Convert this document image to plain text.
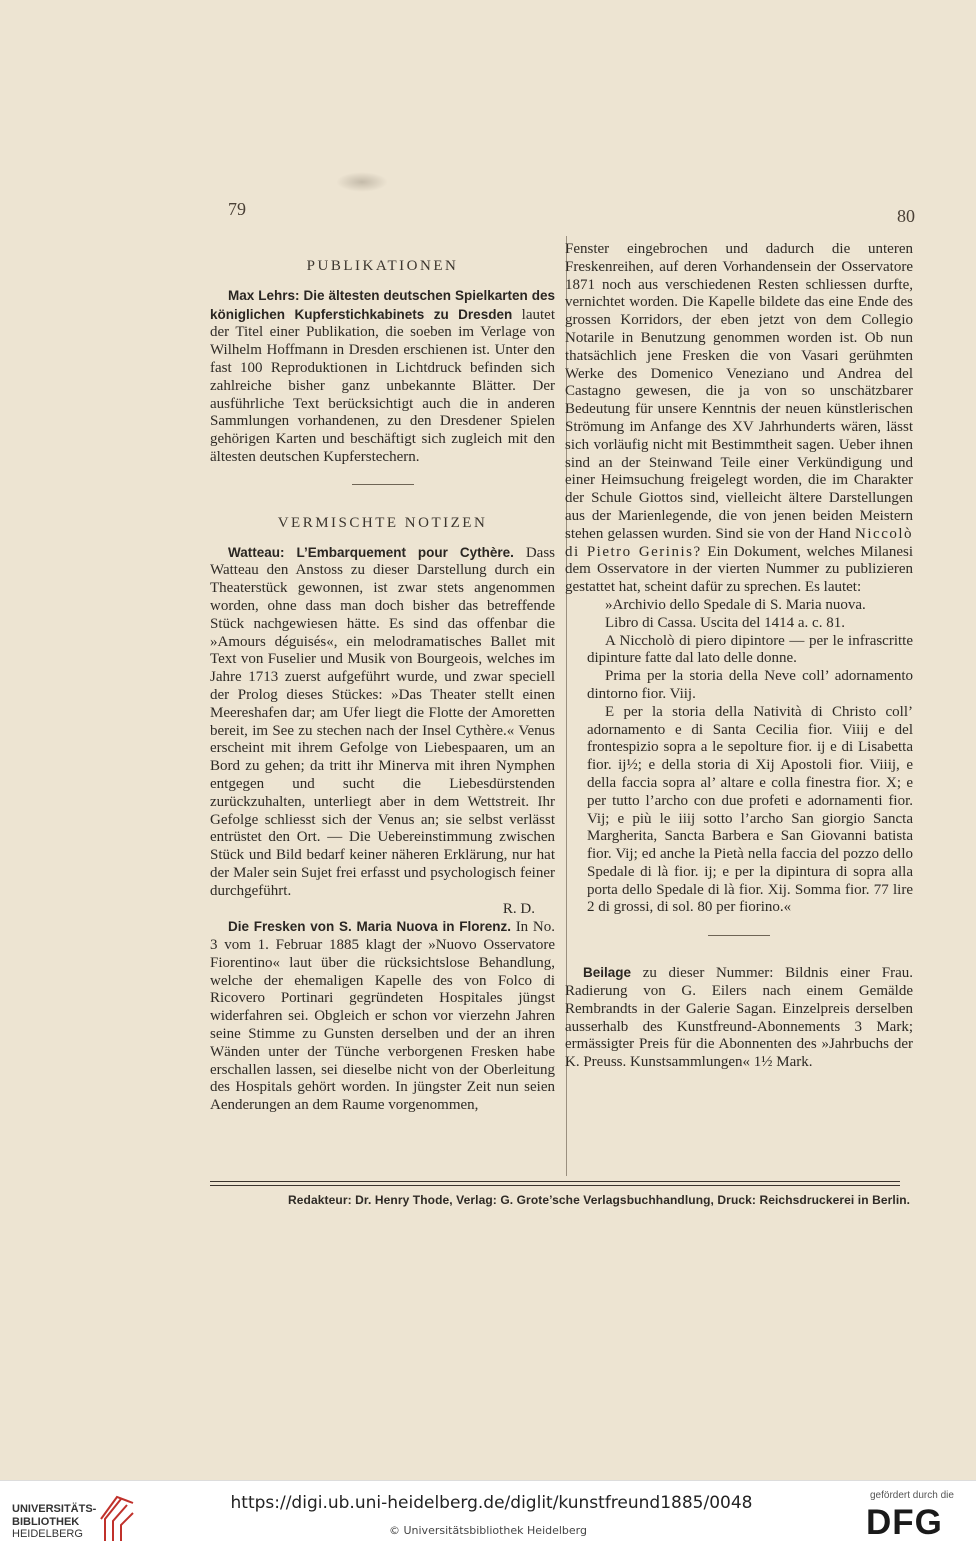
79	80
PUBLIKATIONEN

Max Lehrs: Die ältesten deutschen Spielkarten des königlichen Kupferstichkabinets zu Dresden lautet der Titel einer Publikation, die soeben im Verlage von Wilhelm Hoffmann in Dresden erschienen ist. Unter den fast 100 Reproduktionen in Lichtdruck befinden sich zahlreiche bisher ganz unbekannte Blätter. Der ausführliche Text berücksichtigt auch die in anderen Sammlungen vorhandenen, zu den Dresdener Spielen gehörigen Karten und beschäftigt sich zugleich mit den ältesten deutschen Kupferstechern.

VERMISCHTE NOTIZEN

Watteau: L’Embarquement pour Cythère. Dass Watteau den Anstoss zu dieser Darstellung durch ein Theaterstück gewonnen, ist zwar stets angenommen worden, ohne dass man doch bisher das betreffende Stück nachgewiesen hätte. Es sind das offenbar die »Amours déguisés«, ein melodramatisches Ballet mit Text von Fuselier und Musik von Bourgeois, welches im Jahre 1713 zuerst aufgeführt wurde, und zwar speciell der Prolog dieses Stückes: »Das Theater stellt einen Meereshafen dar; am Ufer liegt die Flotte der Amoretten bereit, im See zu stechen nach der Insel Cythère.« Venus erscheint mit ihrem Gefolge von Liebespaaren, um an Bord zu gehen; da tritt ihr Minerva mit ihren Nymphen entgegen und sucht die Liebesdürstenden zurückzuhalten, unterliegt aber in dem Wettstreit. Ihr Gefolge schliesst sich der Venus an; sie selbst verlässt entrüstet den Ort. — Die Uebereinstimmung zwischen Stück und Bild bedarf keiner näheren Erklärung, nur hat der Maler sein Sujet frei erfasst und psychologisch feiner durchgeführt.

R. D.

Die Fresken von S. Maria Nuova in Florenz. In No. 3 vom 1. Februar 1885 klagt der »Nuovo Osservatore Fiorentino« laut über die rücksichtslose Behandlung, welche der ehemaligen Kapelle des von Folco di Ricovero Portinari gegründeten Hospitales jüngst widerfahren sei. Obgleich er schon vor vierzehn Jahren seine Stimme zu Gunsten derselben und der an ihren Wänden unter der Tünche verborgenen Fresken habe erschallen lassen, sei dieselbe nicht von der Oberleitung des Hospitals gehört worden. In jüngster Zeit nun seien Aenderungen an dem Raume vorgenommen,

Fenster eingebrochen und dadurch die unteren Freskenreihen, auf deren Vorhandensein der Osservatore 1871 noch aus verschiedenen Resten schliessen durfte, vernichtet worden. Die Kapelle bildete das eine Ende des grossen Korridors, der eben jetzt von dem Collegio Notarile in Benutzung genommen worden ist. Ob nun thatsächlich jene Fresken die von Vasari gerühmten Werke des Domenico Veneziano und Andrea del Castagno gewesen, die ja von so unschätzbarer Bedeutung für unsere Kenntnis der neuen künstlerischen Strömung im Anfange des XV Jahrhunderts wären, lässt sich vorläufig nicht mit Bestimmtheit sagen. Ueber ihnen sind an der Steinwand Teile einer Verkündigung und einer Heimsuchung freigelegt worden, die im Charakter der Schule Giottos sind, vielleicht ältere Darstellungen aus der Marienlegende, die von jenen beiden Meistern stehen gelassen wurden. Sind sie von der Hand Niccolò di Pietro Gerinis? Ein Dokument, welches Milanesi dem Osservatore in der vierten Nummer zu publizieren gestattet hat, scheint dafür zu sprechen. Es lautet:

»Archivio dello Spedale di S. Maria nuova.

Libro di Cassa. Uscita del 1414 a. c. 81.

A Niccholò di piero dipintore — per le infrascritte dipinture fatte dal lato delle donne.

Prima per la storia della Neve coll’ adornamento dintorno fior. Viij.

E per la storia della Natività di Christo coll’ adornamento e di Santa Cecilia fior. Viiij e del frontespizio sopra a le sepolture fior. ij e di Lisabetta fior. ij½; e della storia di Xij Apostoli fior. Viiij, e della faccia sopra al’ altare e colla finestra fior. X; e per tutto l’archo con due profeti e adornamenti fior. Vij; e più le iiij sotto l’archo San giorgio Sancta Margherita, Sancta Barbera e San Giovanni batista fior. Vij; ed anche la Pietà nella faccia del pozzo dello Spedale di là fior. ij; e per la dipintura di sopra alla porta dello Spedale di là fior. Xij. Somma fior. 77 lire 2 di grossi, di sol. 80 per fiorino.«

Beilage zu dieser Nummer: Bildnis einer Frau. Radierung von G. Eilers nach einem Gemälde Rembrandts in der Galerie Sagan. Einzelpreis derselben ausserhalb des Kunstfreund-Abonnements 3 Mark; ermässigter Preis für die Abonnenten des »Jahrbuchs der K. Preuss. Kunstsammlungen« 1½ Mark.

Redakteur: Dr. Henry Thode, Verlag: G. Grote’sche Verlagsbuchhandlung, Druck: Reichsdruckerei in Berlin.
UNIVERSITÄTS-
BIBLIOTHEK
HEIDELBERG
https://digi.ub.uni-heidelberg.de/diglit/kunstfreund1885/0048
© Universitätsbibliothek Heidelberg
gefördert durch die
DFG
